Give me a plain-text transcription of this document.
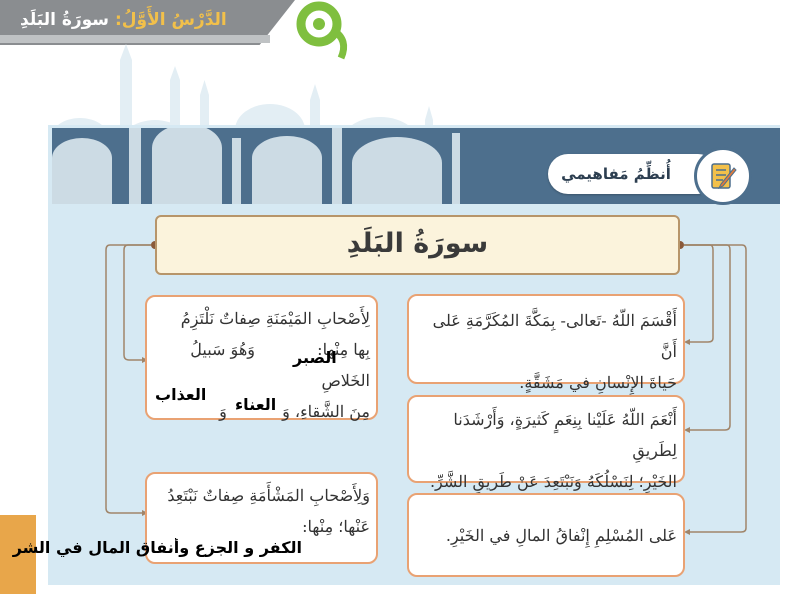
الدَّرْسُ الأَوَّلُ: سورَةُ البَلَدِ
أُنظِّمُ مَفاهيمي
سورَةُ البَلَدِ
أَقْسَمَ اللّهُ -تَعالى- بِمَكَّةَ المُكَرَّمَةِ عَلى أَنَّ
حَياةَ الإِنْسانِ في مَشَقَّةٍ.
أَنْعَمَ اللّهُ عَلَيْنا بِنِعَمٍ كَثيرَةٍ، وَأَرْشَدَنا لِطَريقِ
الخَيْرِ؛ لِنَسْلُكَهُ وَنَبْتَعِدَ عَنْ طَريقِ الشَّرِّ.
عَلى المُسْلِمِ إِنْفاقُ المالِ في الخَيْرِ.
لِأَصْحابِ المَيْمَنَةِ صِفاتٌ نَلْتَزِمُ
بِها مِنْها:  وَهُوَ سَبيلُ الخَلاصِ
مِنَ الشَّقاءِ، وَ  وَ
وَلِأَصْحابِ المَشْأَمَةِ صِفاتٌ نَبْتَعِدُ
عَنْها؛ مِنْها:
الصبر
العذاب
العناء
الكفر و الجزع وأنفاق المال في الشر
